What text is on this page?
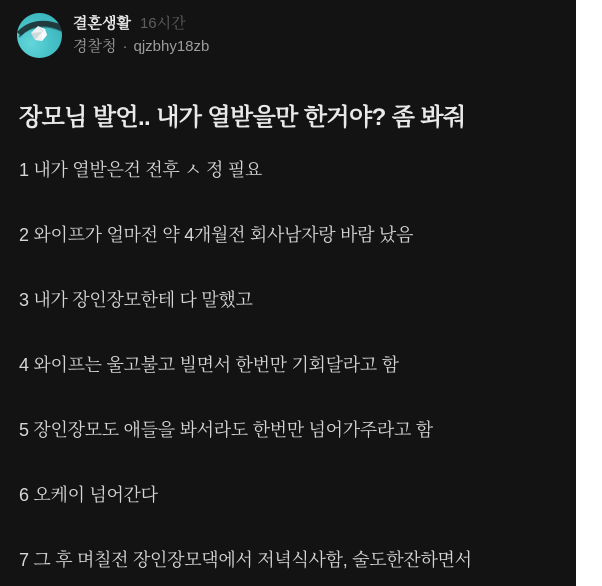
결혼생활 16시간
경찰청 · qjzbhy18zb
장모님 발언.. 내가 열받을만 한거야? 좀 봐줘

1 내가 열받은건 전후 ㅅ 정 필요

2 와이프가 얼마전 약 4개월전 회사남자랑 바람 났음

3 내가 장인장모한테 다 말했고

4 와이프는 울고불고 빌면서 한번만 기회달라고 함

5 장인장모도 애들을 봐서라도 한번만 넘어가주라고 함

6 오케이 넘어간다

7 그 후 며칠전 장인장모댁에서 저녁식사함, 술도한잔하면서
